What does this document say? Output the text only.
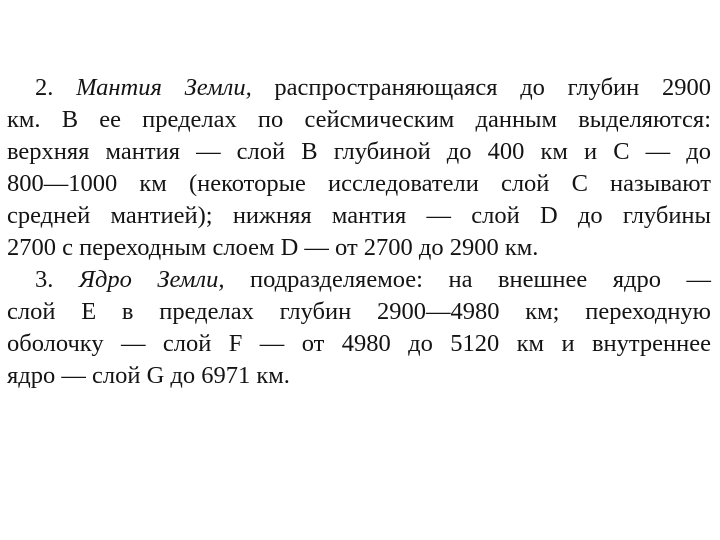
2. Мантия Земли, распространяющаяся до глубин 2900
км. В ее пределах по сейсмическим данным выделяются:
верхняя мантия — слой В глубиной до 400 км и С — до
800—1000 км (некоторые исследователи слой С называют
средней мантией); нижняя мантия — слой D до глубины
2700 с переходным слоем D — от 2700 до 2900 км.
3. Ядро Земли, подразделяемое: на внешнее ядро —
слой Е в пределах глубин 2900—4980 км; переходную
оболочку — слой F — от 4980 до 5120 км и внутреннее
ядро — слой G до 6971 км.
